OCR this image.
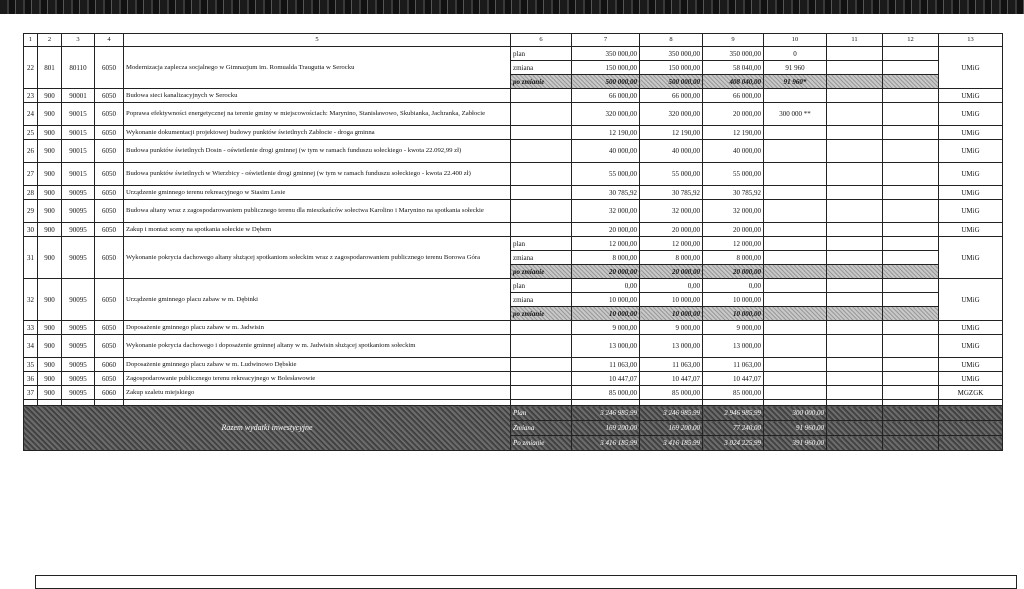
1	2	3	4	5	6	7	8	9	10	11	12	13
22	801	80110	6050	Modernizacja zaplecza socjalnego w Gimnazjum im. Romualda Traugutta w Serocku	plan	350 000,00	350 000,00	350 000,00	0			UMiG
					zmiana	150 000,00	150 000,00	58 040,00	91 960			
					po zmianie	500 000,00	500 000,00	408 040,00	91 960*			
23	900	90001	6050	Budowa sieci kanalizacyjnych w Serocku		66 000,00	66 000,00	66 000,00				UMiG
24	900	90015	6050	Poprawa efektywności energetycznej na terenie gminy w miejscowościach: Marynino, Stanisławowo, Skubianka, Jachranka, Zabłocie		320 000,00	320 000,00	20 000,00	300 000 **			UMiG
25	900	90015	6050	Wykonanie dokumentacji projektowej budowy punktów świetlnych Zabłocie - droga gminna		12 190,00	12 190,00	12 190,00				UMiG
26	900	90015	6050	Budowa punktów świetlnych Dosin - oświetlenie drogi gminnej (w tym w ramach funduszu sołeckiego - kwota 22.092,99 zł)		40 000,00	40 000,00	40 000,00				UMiG
27	900	90015	6050	Budowa punktów świetlnych w Wierzbicy - oświetlenie drogi gminnej (w tym w ramach funduszu sołeckiego - kwota 22.400 zł)		55 000,00	55 000,00	55 000,00				UMiG
28	900	90095	6050	Urządzenie gminnego terenu rekreacyjnego w Stasim Lesie		30 785,92	30 785,92	30 785,92				UMiG
29	900	90095	6050	Budowa altany wraz z zagospodarowaniem publicznego terenu dla mieszkańców sołectwa Karolino i Marynino na spotkania sołeckie		32 000,00	32 000,00	32 000,00				UMiG
30	900	90095	6050	Zakup i montaż sceny na spotkania sołeckie w Dębem		20 000,00	20 000,00	20 000,00				UMiG
31	900	90095	6050	Wykonanie pokrycia dachowego altany służącej spotkaniom sołeckim wraz z zagospodarowaniem publicznego terenu Borowa Góra	plan	12 000,00	12 000,00	12 000,00				UMiG
					zmiana	8 000,00	8 000,00	8 000,00				
					po zmianie	20 000,00	20 000,00	20 000,00				
32	900	90095	6050	Urządzenie gminnego placu zabaw w m. Dębinki	plan	0,00	0,00	0,00				UMiG
					zmiana	10 000,00	10 000,00	10 000,00				
					po zmianie	10 000,00	10 000,00	10 000,00				
33	900	90095	6050	Doposażenie gminnego placu zabaw w m. Jadwisin		9 000,00	9 000,00	9 000,00				UMiG
34	900	90095	6050	Wykonanie pokrycia dachowego i doposażenie gminnej altany w m. Jadwisin służącej spotkaniom sołeckim		13 000,00	13 000,00	13 000,00				UMiG
35	900	90095	6060	Doposażenie gminnego placu zabaw w m. Ludwinowo Dębskie		11 063,00	11 063,00	11 063,00				UMiG
36	900	90095	6050	Zagospodarowanie publicznego terenu rekreacyjnego w Bolesławowie		10 447,07	10 447,07	10 447,07				UMiG
37	900	90095	6060	Zakup szaletu miejskiego		85 000,00	85 000,00	85 000,00				MGZGK

Razem wydatki inwestycyjne					Plan	3 246 985,99	3 246 985,99	2 946 985,99	300 000,00			
					Zmiana	169 200,00	169 200,00	77 240,00	91 960,00			
					Po zmianie	3 416 185,99	3 416 185,99	3 024 225,99	391 960,00			
